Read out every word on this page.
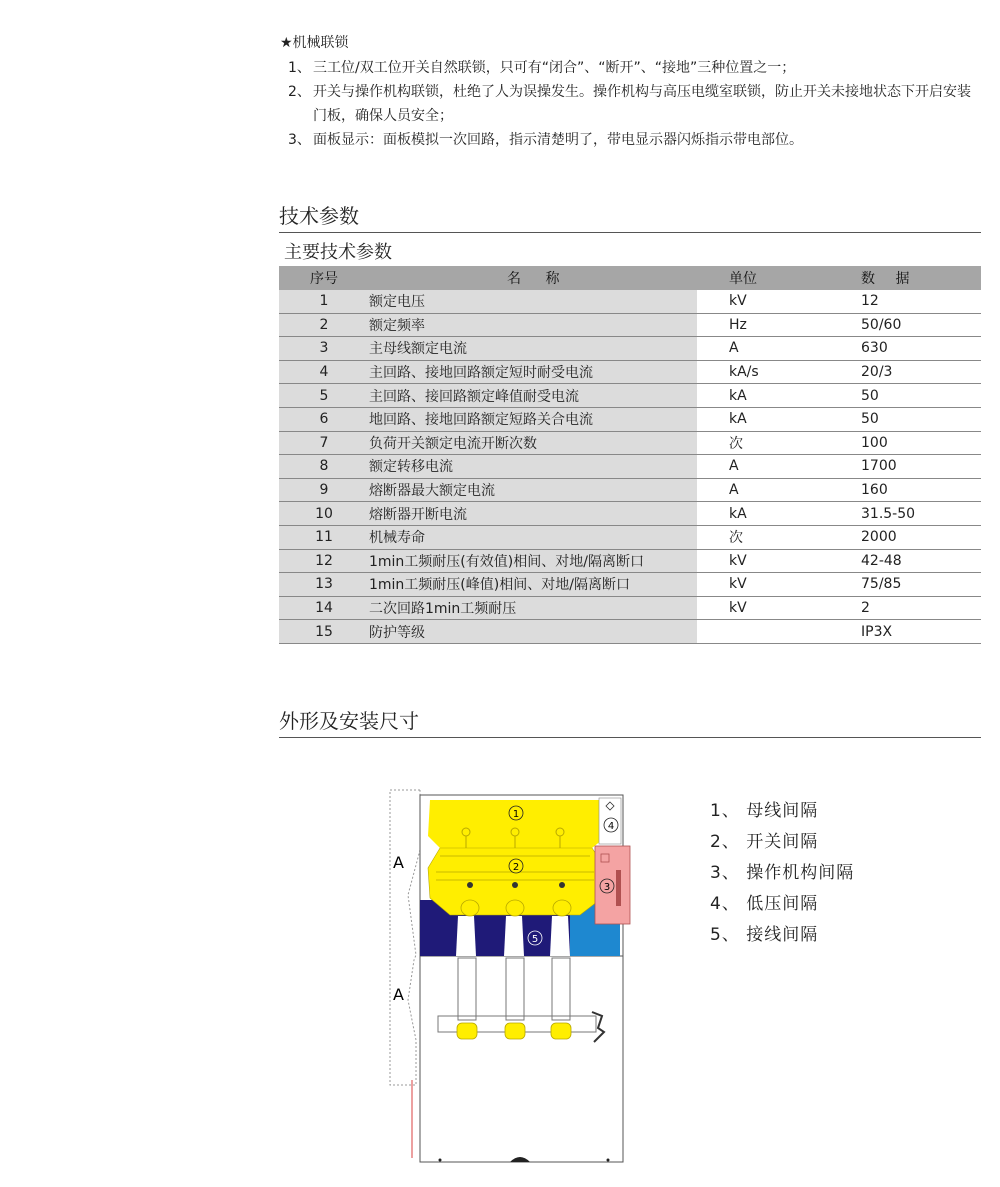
★机械联锁
1、 三工位/双工位开关自然联锁，只可有“闭合”、“断开”、“接地”三种位置之一；
2、 开关与操作机构联锁，杜绝了人为误操发生。操作机构与高压电缆室联锁，防止开关未接地状态下开启安装门板，确保人员安全；
3、 面板显示：面板模拟一次回路，指示清楚明了，带电显示器闪烁指示带电部位。
技术参数
主要技术参数
序号	名 称	单位	数 据
1	额定电压	kV	12
2	额定频率	Hz	50/60
3	主母线额定电流	A	630
4	主回路、接地回路额定短时耐受电流	kA/s	20/3
5	主回路、接回路额定峰值耐受电流	kA	50
6	地回路、接地回路额定短路关合电流	kA	50
7	负荷开关额定电流开断次数	次	100
8	额定转移电流	A	1700
9	熔断器最大额定电流	A	160
10	熔断器开断电流	kA	31.5-50
11	机械寿命	次	2000
12	1min工频耐压(有效值)相间、对地/隔离断口	kV	42-48
13	1min工频耐压(峰值)相间、对地/隔离断口	kV	75/85
14	二次回路1min工频耐压	kV	2
15	防护等级		IP3X
外形及安装尺寸
A
A
1
2
3
4
5
1、 母线间隔
2、 开关间隔
3、 操作机构间隔
4、 低压间隔
5、 接线间隔
